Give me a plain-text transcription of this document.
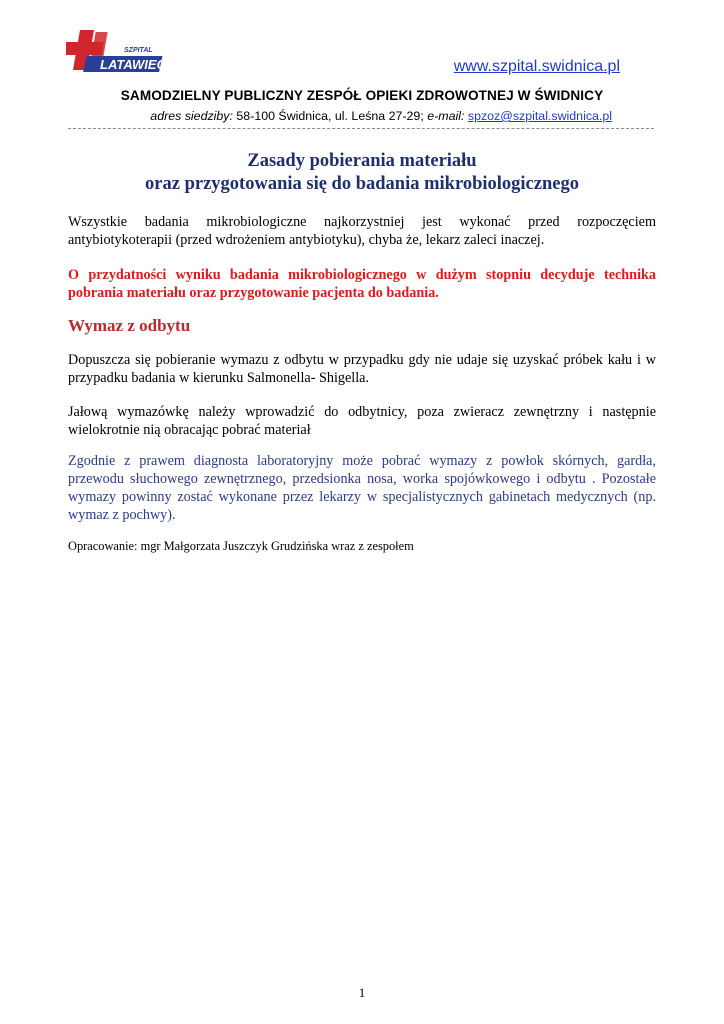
SZPITAL
LATAWIEC	www.szpital.swidnica.pl
SAMODZIELNY PUBLICZNY ZESPÓŁ OPIEKI ZDROWOTNEJ W ŚWIDNICY
adres siedziby: 58-100 Świdnica, ul. Leśna 27-29; e-mail: spzoz@szpital.swidnica.pl
Zasady pobierania materiału
oraz przygotowania się do badania mikrobiologicznego
Wszystkie badania mikrobiologiczne najkorzystniej jest wykonać przed rozpoczęciem
antybiotykoterapii (przed wdrożeniem antybiotyku), chyba że, lekarz zaleci inaczej.
O przydatności wyniku badania mikrobiologicznego w dużym stopniu decyduje technika
pobrania materiału oraz przygotowanie pacjenta do badania.
Wymaz z odbytu
Dopuszcza się pobieranie wymazu z odbytu w przypadku gdy nie udaje się uzyskać próbek kału i w
przypadku badania w kierunku Salmonella- Shigella.
Jałową wymazówkę należy wprowadzić do odbytnicy, poza zwieracz zewnętrzny i następnie
wielokrotnie nią obracając pobrać materiał
Zgodnie z prawem diagnosta laboratoryjny może pobrać wymazy z powłok skórnych, gardła,
przewodu słuchowego zewnętrznego, przedsionka nosa, worka spojówkowego i odbytu . Pozostałe
wymazy powinny zostać wykonane przez lekarzy w specjalistycznych gabinetach medycznych (np.
wymaz z pochwy).
Opracowanie: mgr Małgorzata Juszczyk Grudzińska wraz z zespołem
1
